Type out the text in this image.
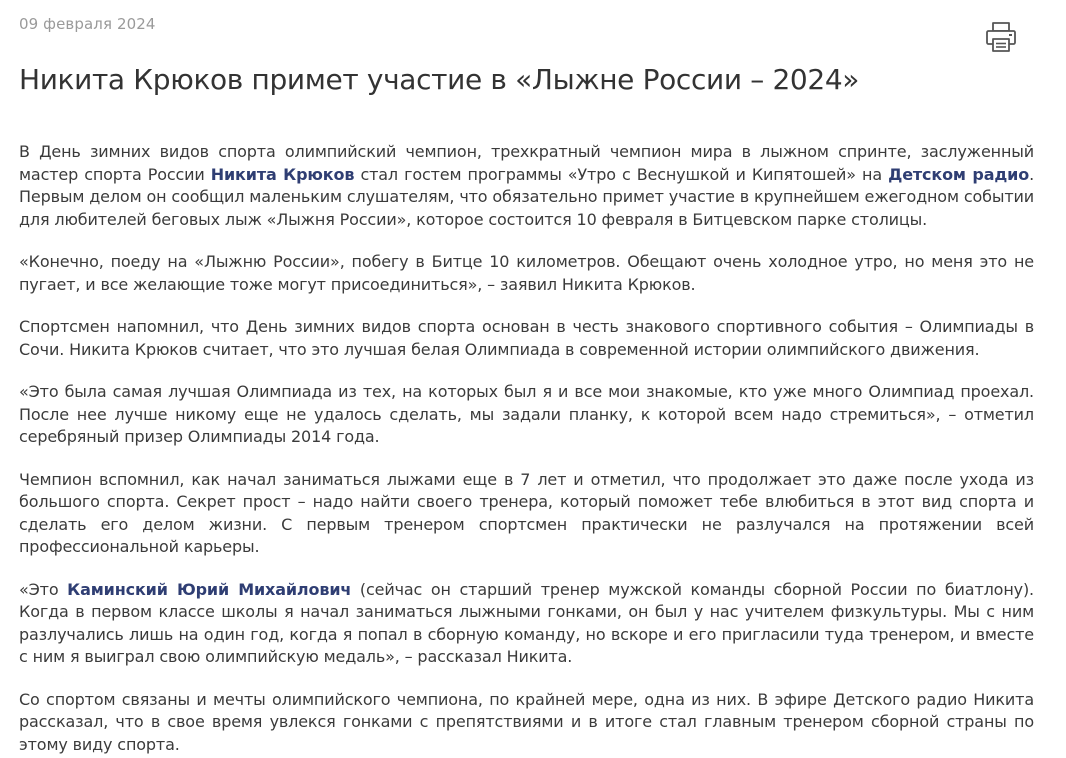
09 февраля 2024
Никита Крюков примет участие в «Лыжне России – 2024»

В День зимних видов спорта олимпийский чемпион, трехкратный чемпион мира в лыжном спринте, заслуженный мастер спорта России Никита Крюков стал гостем программы «Утро с Веснушкой и Кипятошей» на Детском радио. Первым делом он сообщил маленьким слушателям, что обязательно примет участие в крупнейшем ежегодном событии для любителей беговых лыж «Лыжня России», которое состоится 10 февраля в Битцевском парке столицы.

«Конечно, поеду на «Лыжню России», побегу в Битце 10 километров. Обещают очень холодное утро, но меня это не пугает, и все желающие тоже могут присоединиться», – заявил Никита Крюков.

Спортсмен напомнил, что День зимних видов спорта основан в честь знакового спортивного события – Олимпиады в Сочи. Никита Крюков считает, что это лучшая белая Олимпиада в современной истории олимпийского движения.

«Это была самая лучшая Олимпиада из тех, на которых был я и все мои знакомые, кто уже много Олимпиад проехал. После нее лучше никому еще не удалось сделать, мы задали планку, к которой всем надо стремиться», – отметил серебряный призер Олимпиады 2014 года.

Чемпион вспомнил, как начал заниматься лыжами еще в 7 лет и отметил, что продолжает это даже после ухода из большого спорта. Секрет прост – надо найти своего тренера, который поможет тебе влюбиться в этот вид спорта и сделать его делом жизни. С первым тренером спортсмен практически не разлучался на протяжении всей профессиональной карьеры.

«Это Каминский Юрий Михайлович (сейчас он старший тренер мужской команды сборной России по биатлону). Когда в первом классе школы я начал заниматься лыжными гонками, он был у нас учителем физкультуры. Мы с ним разлучались лишь на один год, когда я попал в сборную команду, но вскоре и его пригласили туда тренером, и вместе с ним я выиграл свою олимпийскую медаль», – рассказал Никита.

Со спортом связаны и мечты олимпийского чемпиона, по крайней мере, одна из них. В эфире Детского радио Никита рассказал, что в свое время увлекся гонками с препятствиями и в итоге стал главным тренером сборной страны по этому виду спорта.
